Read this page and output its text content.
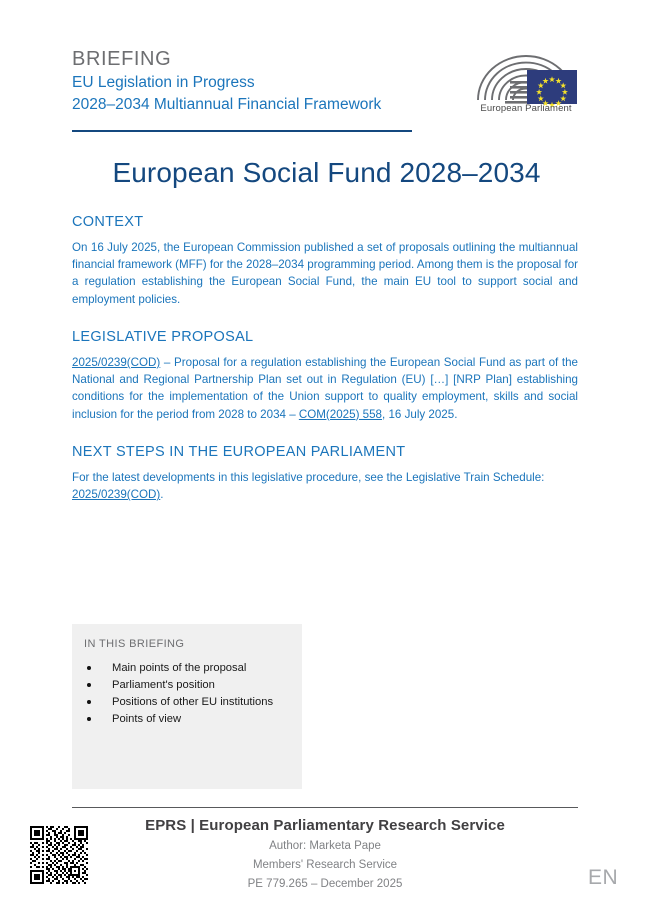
BRIEFING
EU Legislation in Progress
2028–2034 Multiannual Financial Framework	European Parliament
European Social Fund 2028–2034
CONTEXT

On 16 July 2025, the European Commission published a set of proposals outlining the multiannual financial framework (MFF) for the 2028–2034 programming period. Among them is the proposal for a regulation establishing the European Social Fund, the main EU tool to support social and employment policies.

LEGISLATIVE PROPOSAL

2025/0239(COD) – Proposal for a regulation establishing the European Social Fund as part of the National and Regional Partnership Plan set out in Regulation (EU) […] [NRP Plan] establishing conditions for the implementation of the Union support to quality employment, skills and social inclusion for the period from 2028 to 2034 – COM(2025) 558, 16 July 2025.

NEXT STEPS IN THE EUROPEAN PARLIAMENT

For the latest developments in this legislative procedure, see the Legislative Train Schedule: 2025/0239(COD).

IN THIS BRIEFING
Main points of the proposal
Parliament's position
Positions of other EU institutions
Points of view
EPRS | European Parliamentary Research Service
Author: Marketa Pape
Members' Research Service
PE 779.265 – December 2025	EN
